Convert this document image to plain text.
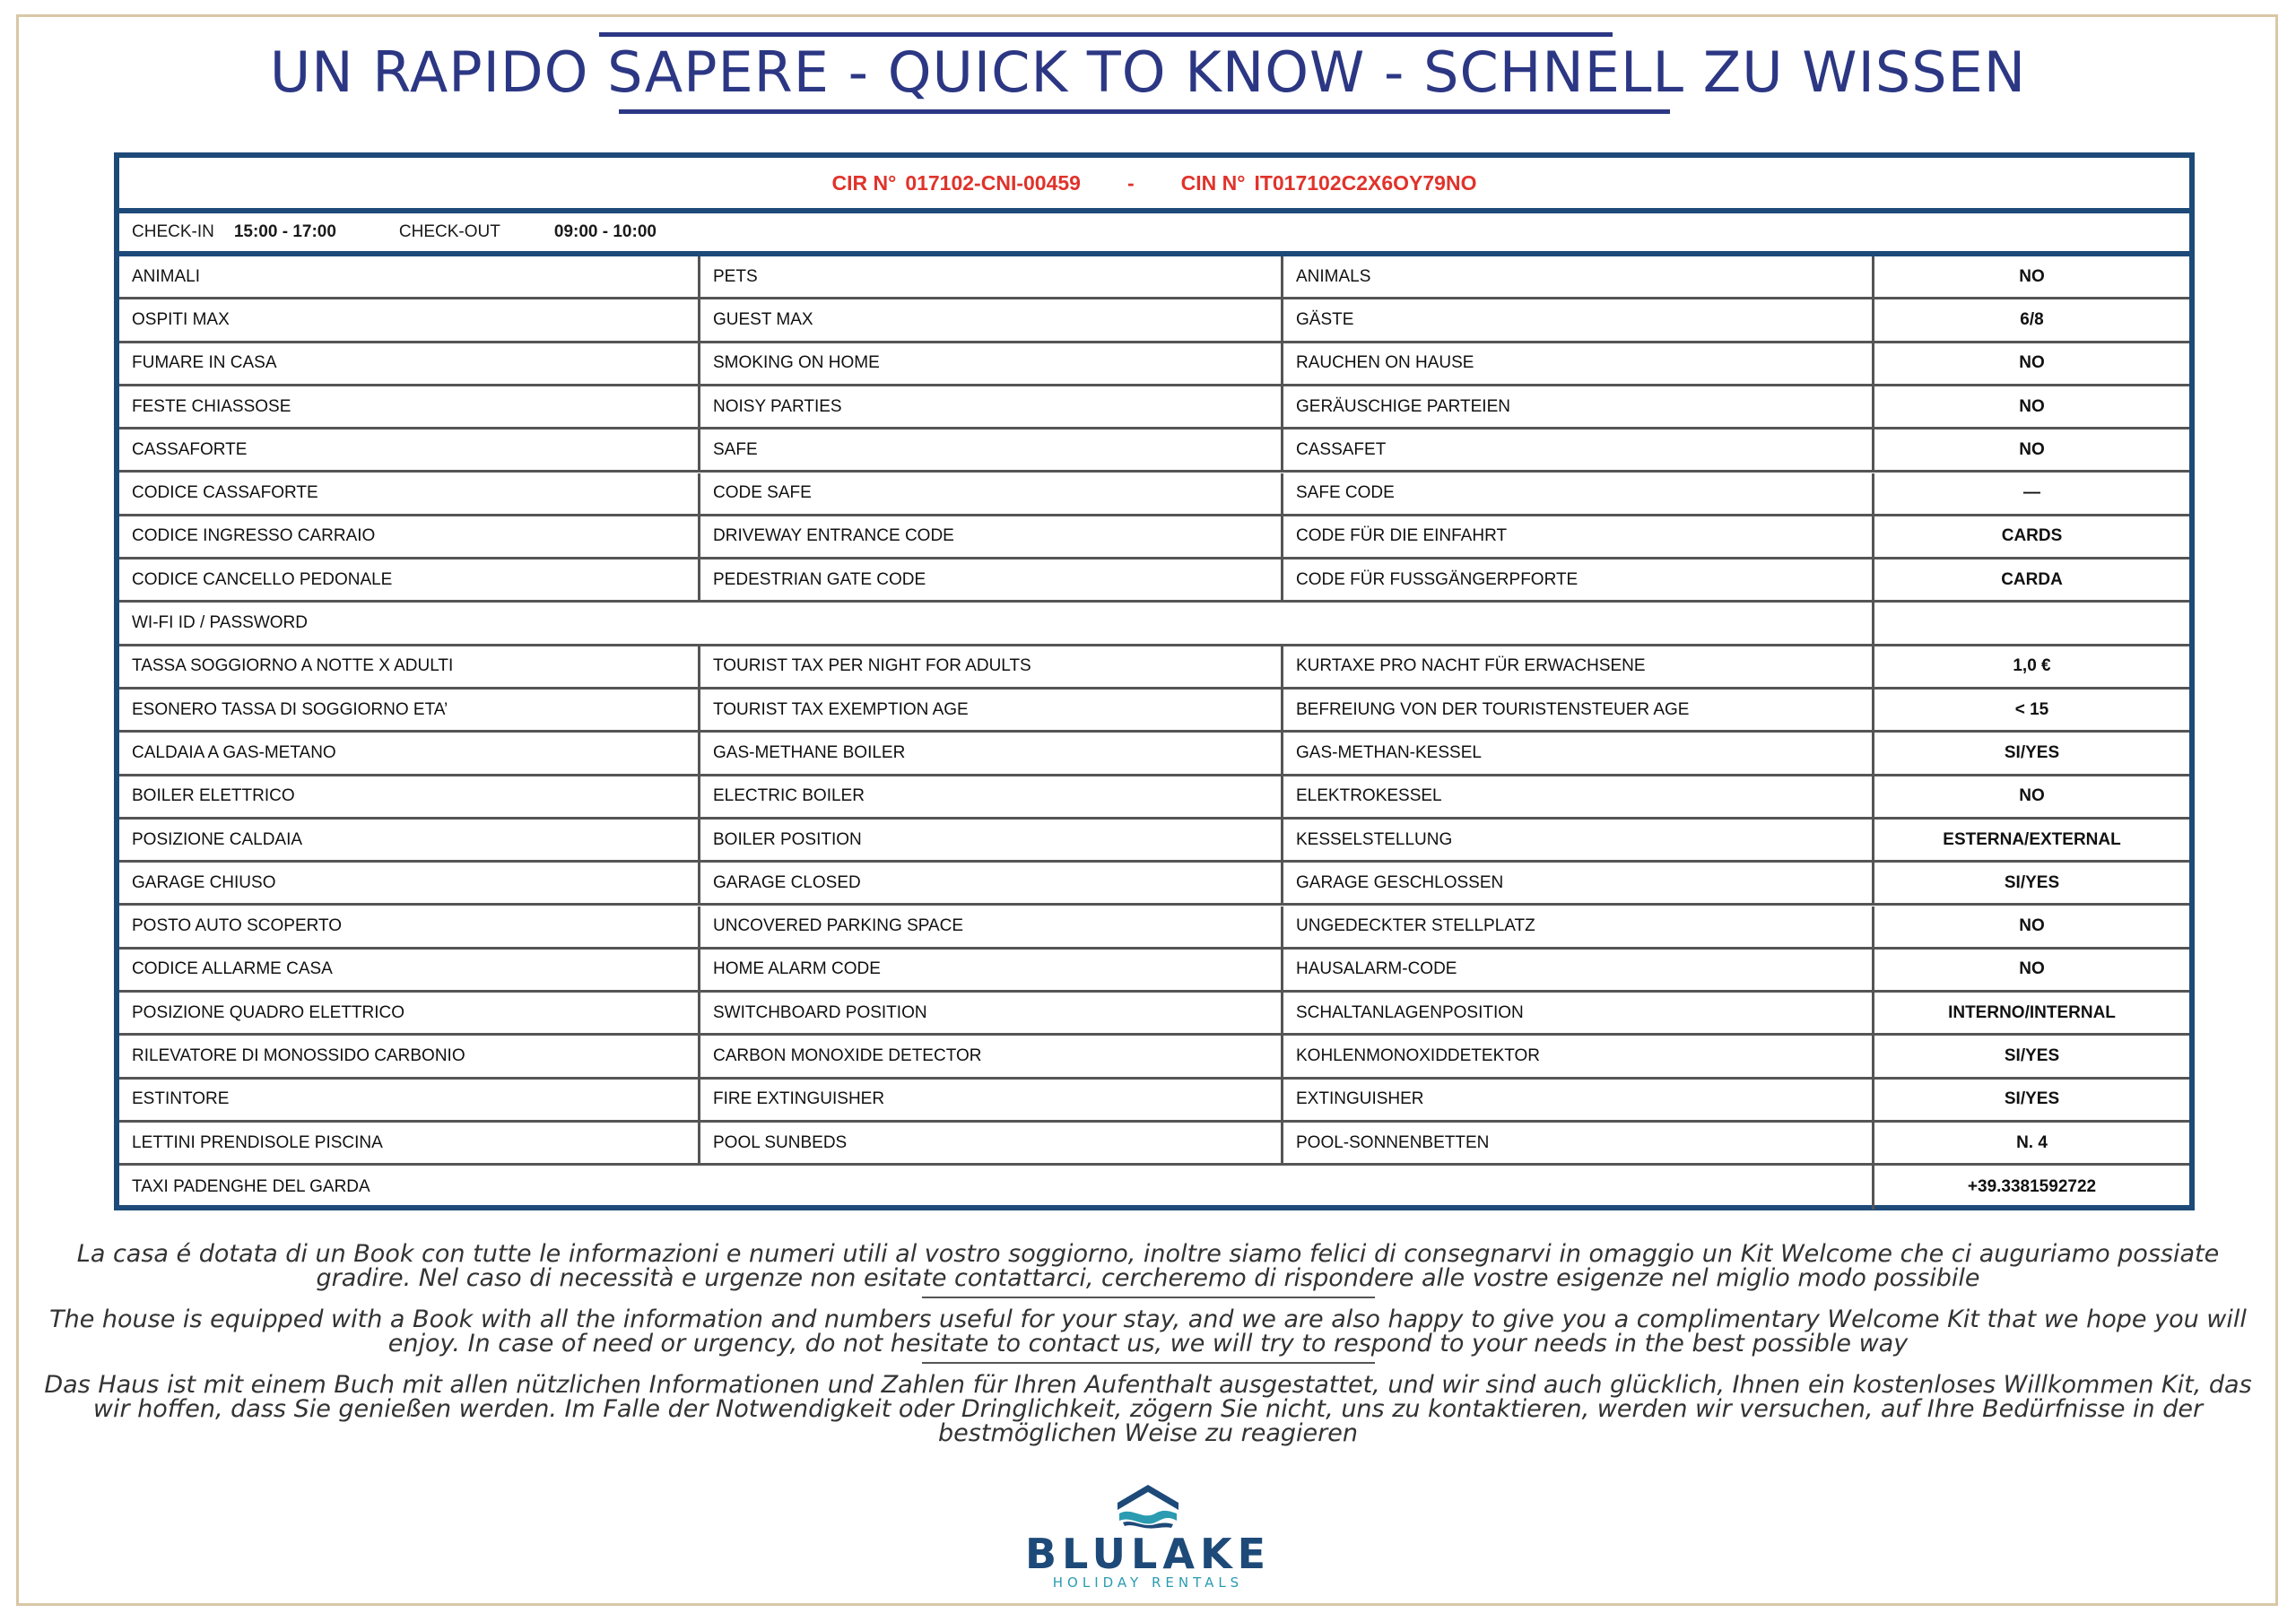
UN RAPIDO SAPERE - QUICK TO KNOW - SCHNELL ZU WISSEN
CIR N° 017102-CNI-00459 - CIN N° IT017102C2X6OY79NO
CHECK-IN 15:00 - 17:00	CHECK-OUT	09:00 - 10:00
ANIMALI	PETS	ANIMALS	NO
OSPITI MAX	GUEST MAX	GÄSTE	6/8
FUMARE IN CASA	SMOKING ON HOME	RAUCHEN ON HAUSE	NO
FESTE CHIASSOSE	NOISY PARTIES	GERÄUSCHIGE PARTEIEN	NO
CASSAFORTE	SAFE	CASSAFET	NO
CODICE CASSAFORTE	CODE SAFE	SAFE CODE	—
CODICE INGRESSO CARRAIO	DRIVEWAY ENTRANCE CODE	CODE FÜR DIE EINFAHRT	CARDS
CODICE CANCELLO PEDONALE	PEDESTRIAN GATE CODE	CODE FÜR FUSSGÄNGERPFORTE	CARDA
WI-FI ID / PASSWORD
TASSA SOGGIORNO A NOTTE X ADULTI	TOURIST TAX PER NIGHT FOR ADULTS	KURTAXE PRO NACHT FÜR ERWACHSENE	1,0 €
ESONERO TASSA DI SOGGIORNO ETA’	TOURIST TAX EXEMPTION AGE	BEFREIUNG VON DER TOURISTENSTEUER AGE	< 15
CALDAIA A GAS-METANO	GAS-METHANE BOILER	GAS-METHAN-KESSEL	SI/YES
BOILER ELETTRICO	ELECTRIC BOILER	ELEKTROKESSEL	NO
POSIZIONE CALDAIA	BOILER POSITION	KESSELSTELLUNG	ESTERNA/EXTERNAL
GARAGE CHIUSO	GARAGE CLOSED	GARAGE GESCHLOSSEN	SI/YES
POSTO AUTO SCOPERTO	UNCOVERED PARKING SPACE	UNGEDECKTER STELLPLATZ	NO
CODICE ALLARME CASA	HOME ALARM CODE	HAUSALARM-CODE	NO
POSIZIONE QUADRO ELETTRICO	SWITCHBOARD POSITION	SCHALTANLAGENPOSITION	INTERNO/INTERNAL
RILEVATORE DI MONOSSIDO CARBONIO	CARBON MONOXIDE DETECTOR	KOHLENMONOXIDDETEKTOR	SI/YES
ESTINTORE	FIRE EXTINGUISHER	EXTINGUISHER	SI/YES
LETTINI PRENDISOLE PISCINA	POOL SUNBEDS	POOL-SONNENBETTEN	N. 4
TAXI PADENGHE DEL GARDA	+39.3381592722

La casa é dotata di un Book con tutte le informazioni e numeri utili al vostro soggiorno, inoltre siamo felici di consegnarvi in omaggio un Kit Welcome che ci auguriamo possiate gradire. Nel caso di necessità e urgenze non esitate contattarci, cercheremo di rispondere alle vostre esigenze nel miglio modo possibile

The house is equipped with a Book with all the information and numbers useful for your stay, and we are also happy to give you a complimentary Welcome Kit that we hope you will enjoy. In case of need or urgency, do not hesitate to contact us, we will try to respond to your needs in the best possible way

Das Haus ist mit einem Buch mit allen nützlichen Informationen und Zahlen für Ihren Aufenthalt ausgestattet, und wir sind auch glücklich, Ihnen ein kostenloses Willkommen Kit, das wir hoffen, dass Sie genießen werden. Im Falle der Notwendigkeit oder Dringlichkeit, zögern Sie nicht, uns zu kontaktieren, werden wir versuchen, auf Ihre Bedürfnisse in der bestmöglichen Weise zu reagieren

BLULAKE
HOLIDAY RENTALS
